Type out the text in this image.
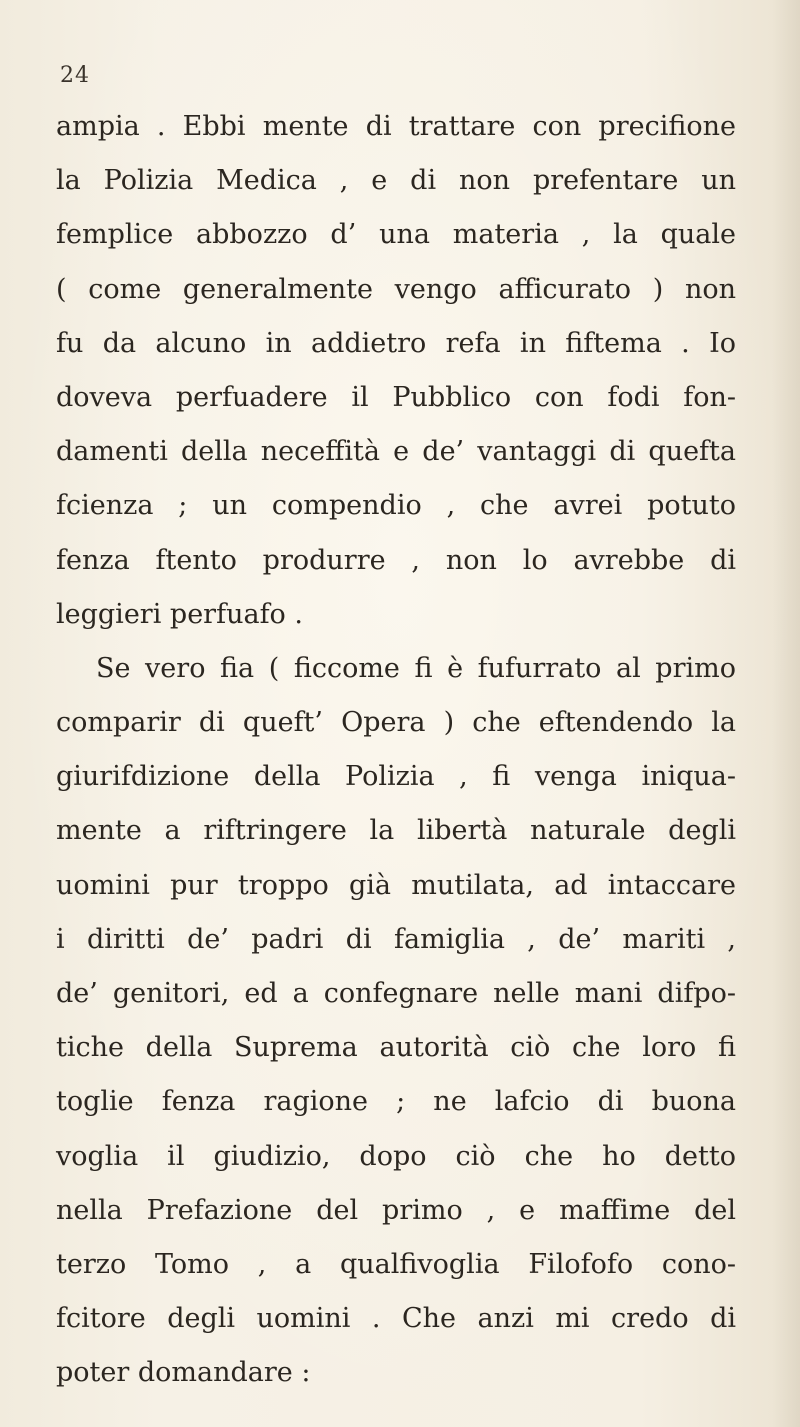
24
ampia . Ebbi mente di trattare con precifione
la Polizia Medica , e di non prefentare un
femplice abbozzo d’ una materia , la quale
( come generalmente vengo afficurato ) non
fu da alcuno in addietro refa in fiftema . Io
doveva perfuadere il Pubblico con fodi fon-
damenti della neceffità e de’ vantaggi di quefta
fcienza ; un compendio , che avrei potuto
fenza ftento produrre , non lo avrebbe di
leggieri perfuafo .
Se vero fia ( ficcome fi è fufurrato al primo
comparir di queft’ Opera ) che eftendendo la
giurifdizione della Polizia , fi venga iniqua-
mente a riftringere la libertà naturale degli
uomini pur troppo già mutilata, ad intaccare
i diritti de’ padri di famiglia , de’ mariti ,
de’ genitori, ed a confegnare nelle mani difpo-
tiche della Suprema autorità ciò che loro fi
toglie fenza ragione ; ne lafcio di buona
voglia il giudizio, dopo ciò che ho detto
nella Prefazione del primo , e maffime del
terzo Tomo , a qualfivoglia Filofofo cono-
fcitore degli uomini . Che anzi mi credo di
poter domandare :
